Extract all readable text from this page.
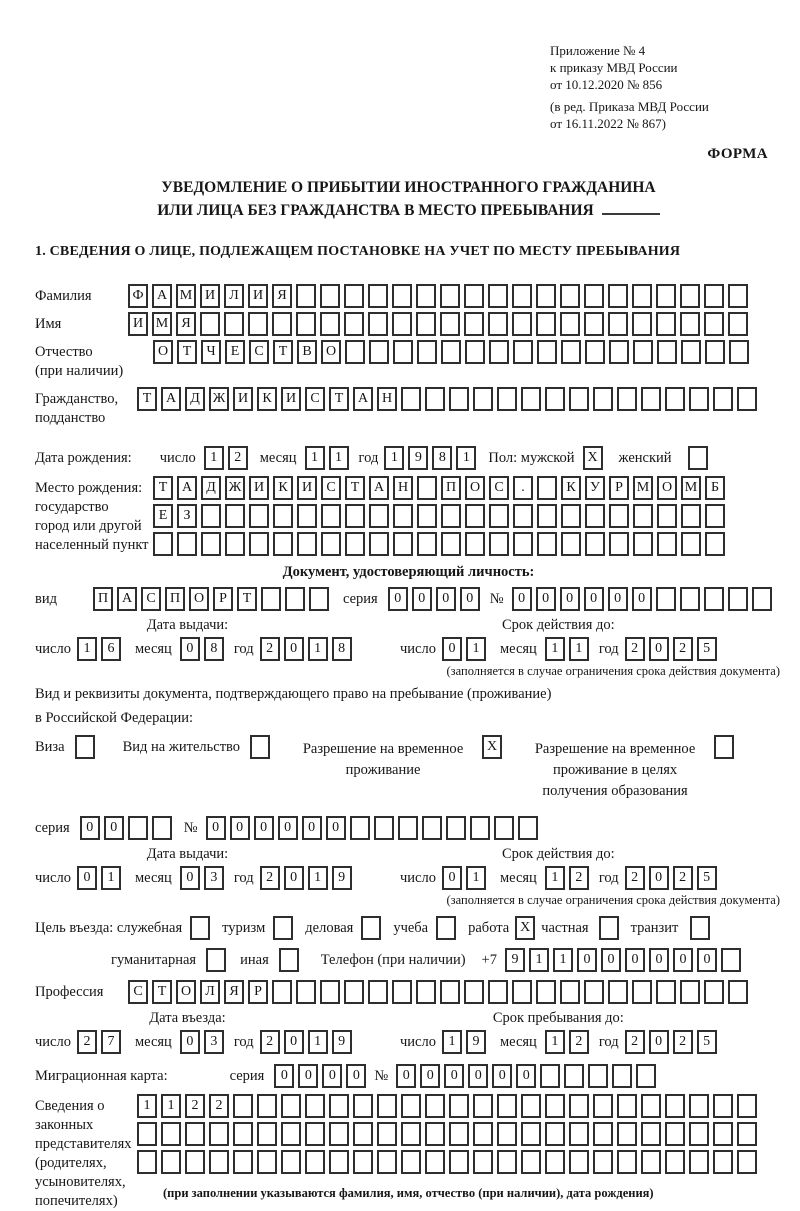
Приложение № 4
к приказу МВД России
от 10.12.2020 № 856
(в ред. Приказа МВД России
от 16.11.2022 № 867)
ФОРМА
УВЕДОМЛЕНИЕ О ПРИБЫТИИ ИНОСТРАННОГО ГРАЖДАНИНА
ИЛИ ЛИЦА БЕЗ ГРАЖДАНСТВА В МЕСТО ПРЕБЫВАНИЯ
1. СВЕДЕНИЯ О ЛИЦЕ, ПОДЛЕЖАЩЕМ ПОСТАНОВКЕ НА УЧЕТ ПО МЕСТУ ПРЕБЫВАНИЯ
Фамилия	Ф А М И	Л	И	Я
Имя	И М Я
Отчество
(при наличии)
О	Т	Ч	Е	С	Т	В	О
Гражданство,
подданство
Т	А	Д Ж И	К	И	С	Т	А Н
Дата рождения: число	1	2	месяц	1	1	год 1	9	8	1	Пол: мужской X	женский
Место рождения:
государство
город или другой
населенный пункт
Т	А	Д Ж И	К	И	С	Т	А Н	П О	С	.	К	У	Р М О М Б
Е	З
Документ, удостоверяющий личность:
вид	П А	С	П О	Р	Т	серия	0	0	0	0	№	0	0	0	0	0	0
Дата выдачи:
число 1	6	месяц	0	8	год 2	0	1	8
Срок действия до:
число 0	1	месяц	1	1	год 2	0	2	5
(заполняется в случае ограничения срока действия документа)
Вид и реквизиты документа, подтверждающего право на пребывание (проживание)
в Российской Федерации:
Виза	Вид на жительство	Разрешение на временное проживание
X	Разрешение на временное проживание в целях получения образования
серия	0	0	№	0	0	0	0	0	0
Дата выдачи:
число 0	1	месяц	0	3	год 2	0	1	9
Срок действия до:
число 0	1	месяц	1	2	год 2	0	2	5
(заполняется в случае ограничения срока действия документа)
Цель въезда: служебная	туризм	деловая	учеба	работа X частная	транзит
гуманитарная	иная	Телефон (при наличии) +7	9	1	1	0	0	0	0	0	0
Профессия	С	Т	О	Л	Я	Р
Дата въезда:
число 2	7	месяц	0	3	год 2	0	1	9
Срок пребывания до:
число 1	9	месяц	1	2	год 2	0	2	5
Миграционная карта:	серия	0	0	0	0	№	0	0	0	0	0	0
Сведения о
законных
представителях
(родителях,
усыновителях,
попечителях)
1	1	2	2
(при заполнении указываются фамилия, имя, отчество (при наличии), дата рождения)
